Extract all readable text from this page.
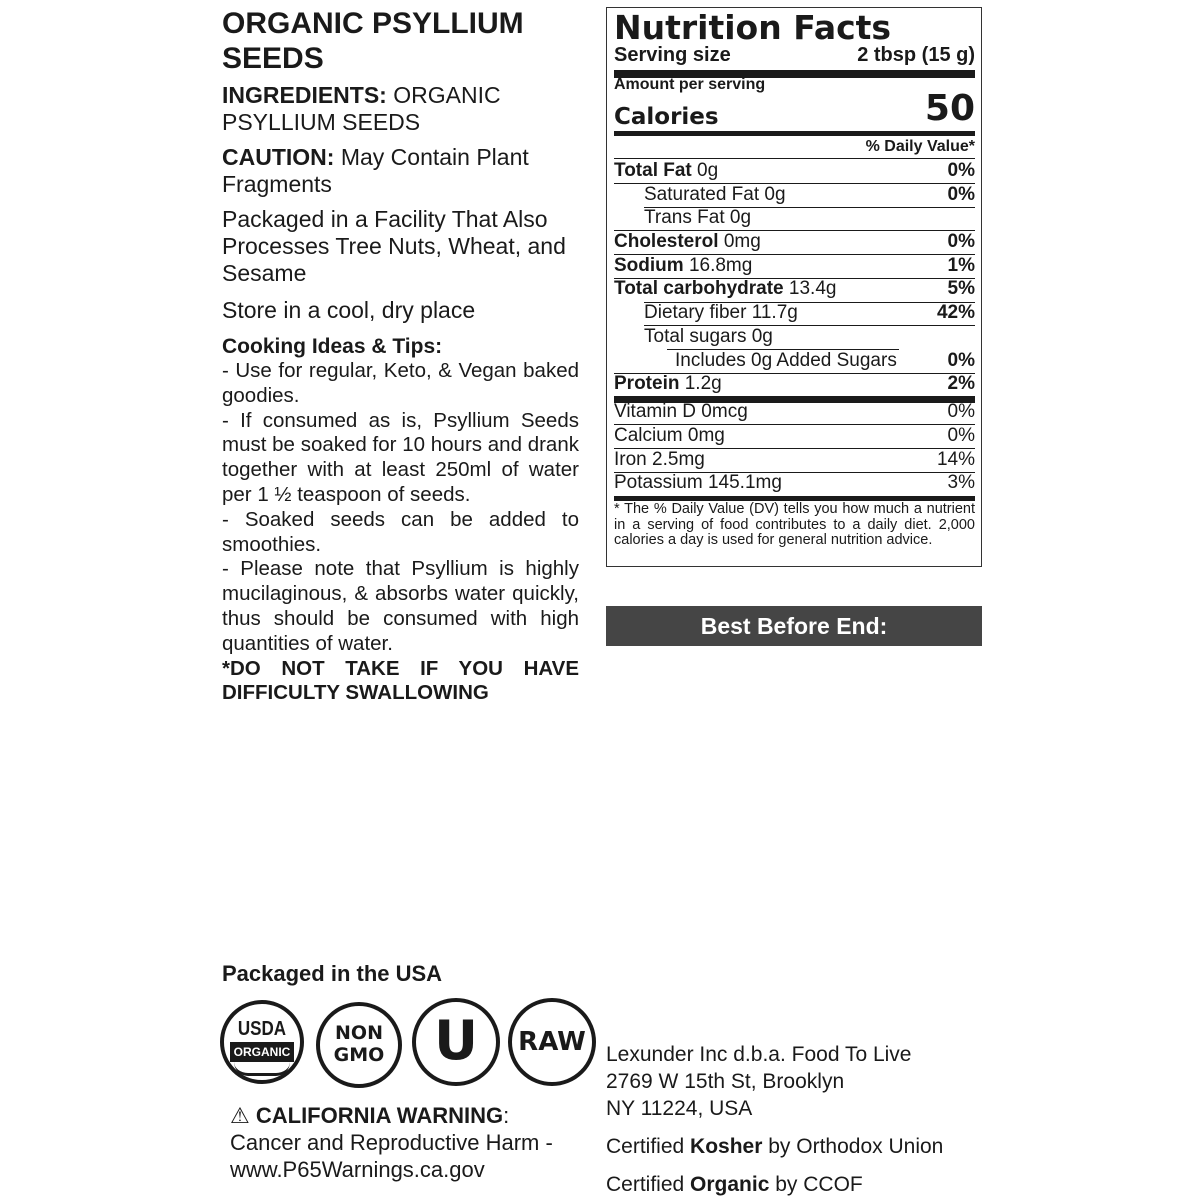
ORGANIC PSYLLIUM
SEEDS

INGREDIENTS: ORGANIC PSYLLIUM SEEDS

CAUTION: May Contain Plant Fragments

Packaged in a Facility That Also Processes Tree Nuts, Wheat, and Sesame

Store in a cool, dry place

Cooking Ideas & Tips:

- Use for regular, Keto, & Vegan baked goodies.

- If consumed as is, Psyllium Seeds must be soaked for 10 hours and drank together with at least 250ml of water per 1 ½ teaspoon of seeds.

- Soaked seeds can be added to smoothies.

- Please note that Psyllium is highly mucilaginous, & absorbs water quickly, thus should be consumed with high quantities of water.

*DO NOT TAKE IF YOU HAVE DIFFICULTY SWALLOWING

Nutrition Facts
Serving size	2 tbsp (15 g)
Amount per serving
Calories	50
% Daily Value*
Total Fat 0g	0%
Saturated Fat 0g	0%
Trans Fat 0g
Cholesterol 0mg	0%
Sodium 16.8mg	1%
Total carbohydrate 13.4g	5%
Dietary fiber 11.7g	42%
Total sugars 0g
Includes 0g Added Sugars	0%
Protein 1.2g	2%
Vitamin D 0mcg	0%
Calcium 0mg	0%
Iron 2.5mg	14%
Potassium 145.1mg	3%
* The % Daily Value (DV) tells you how much a nutrient in a serving of food contributes to a daily diet. 2,000 calories a day is used for general nutrition advice.
Best Before End:
Packaged in the USA
USDA
ORGANIC
NON
GMO U	RAW
⚠ CALIFORNIA WARNING:
Cancer and Reproductive Harm -
www.P65Warnings.ca.gov
Lexunder Inc d.b.a. Food To Live
2769 W 15th St, Brooklyn
NY 11224, USA
Certified Kosher by Orthodox Union
Certified Organic by CCOF
